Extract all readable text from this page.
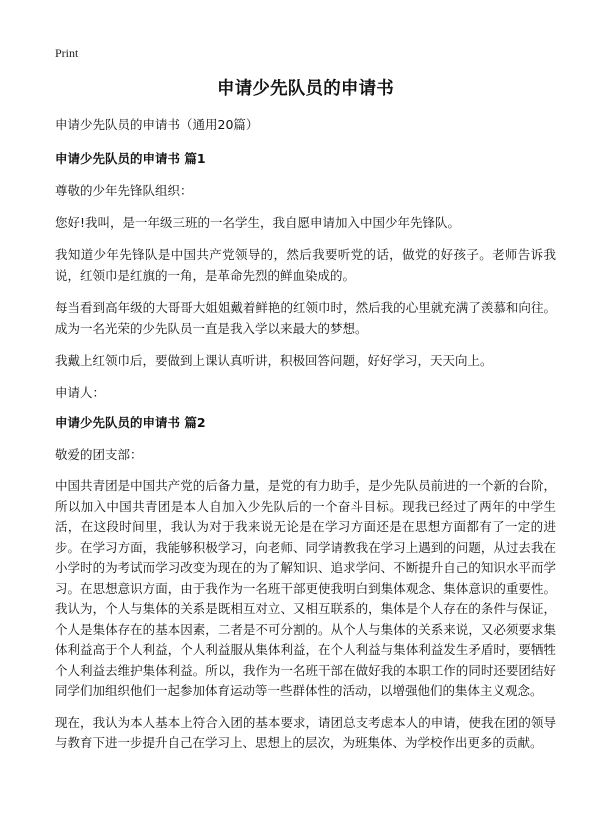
Print
申请少先队员的申请书
申请少先队员的申请书（通用20篇）
申请少先队员的申请书 篇1

尊敬的少年先锋队组织：

您好!我叫，是一年级三班的一名学生，我自愿申请加入中国少年先锋队。

我知道少年先锋队是中国共产党领导的，然后我要听党的话，做党的好孩子。老师告诉我说，红领巾是红旗的一角，是革命先烈的鲜血染成的。

每当看到高年级的大哥哥大姐姐戴着鲜艳的红领巾时，然后我的心里就充满了羡慕和向往。成为一名光荣的少先队员一直是我入学以来最大的梦想。

我戴上红领巾后，要做到上课认真听讲，积极回答问题，好好学习，天天向上。

申请人：

申请少先队员的申请书 篇2

敬爱的团支部：

中国共青团是中国共产党的后备力量，是党的有力助手，是少先队员前进的一个新的台阶，所以加入中国共青团是本人自加入少先队后的一个奋斗目标。现我已经过了两年的中学生活，在这段时间里，我认为对于我来说无论是在学习方面还是在思想方面都有了一定的进步。在学习方面，我能够积极学习，向老师、同学请教我在学习上遇到的问题，从过去我在小学时的为考试而学习改变为现在的为了解知识、追求学问、不断提升自己的知识水平而学习。在思想意识方面，由于我作为一名班干部更使我明白到集体观念、集体意识的重要性。我认为，个人与集体的关系是既相互对立、又相互联系的，集体是个人存在的条件与保证，个人是集体存在的基本因素，二者是不可分割的。从个人与集体的关系来说，又必须要求集体利益高于个人利益，个人利益服从集体利益，在个人利益与集体利益发生矛盾时，要牺牲个人利益去维护集体利益。所以，我作为一名班干部在做好我的本职工作的同时还要团结好同学们加组织他们一起参加体育运动等一些群体性的活动，以增强他们的集体主义观念。

现在，我认为本人基本上符合入团的基本要求，请团总支考虑本人的申请，使我在团的领导与教育下进一步提升自己在学习上、思想上的层次，为班集体、为学校作出更多的贡献。
